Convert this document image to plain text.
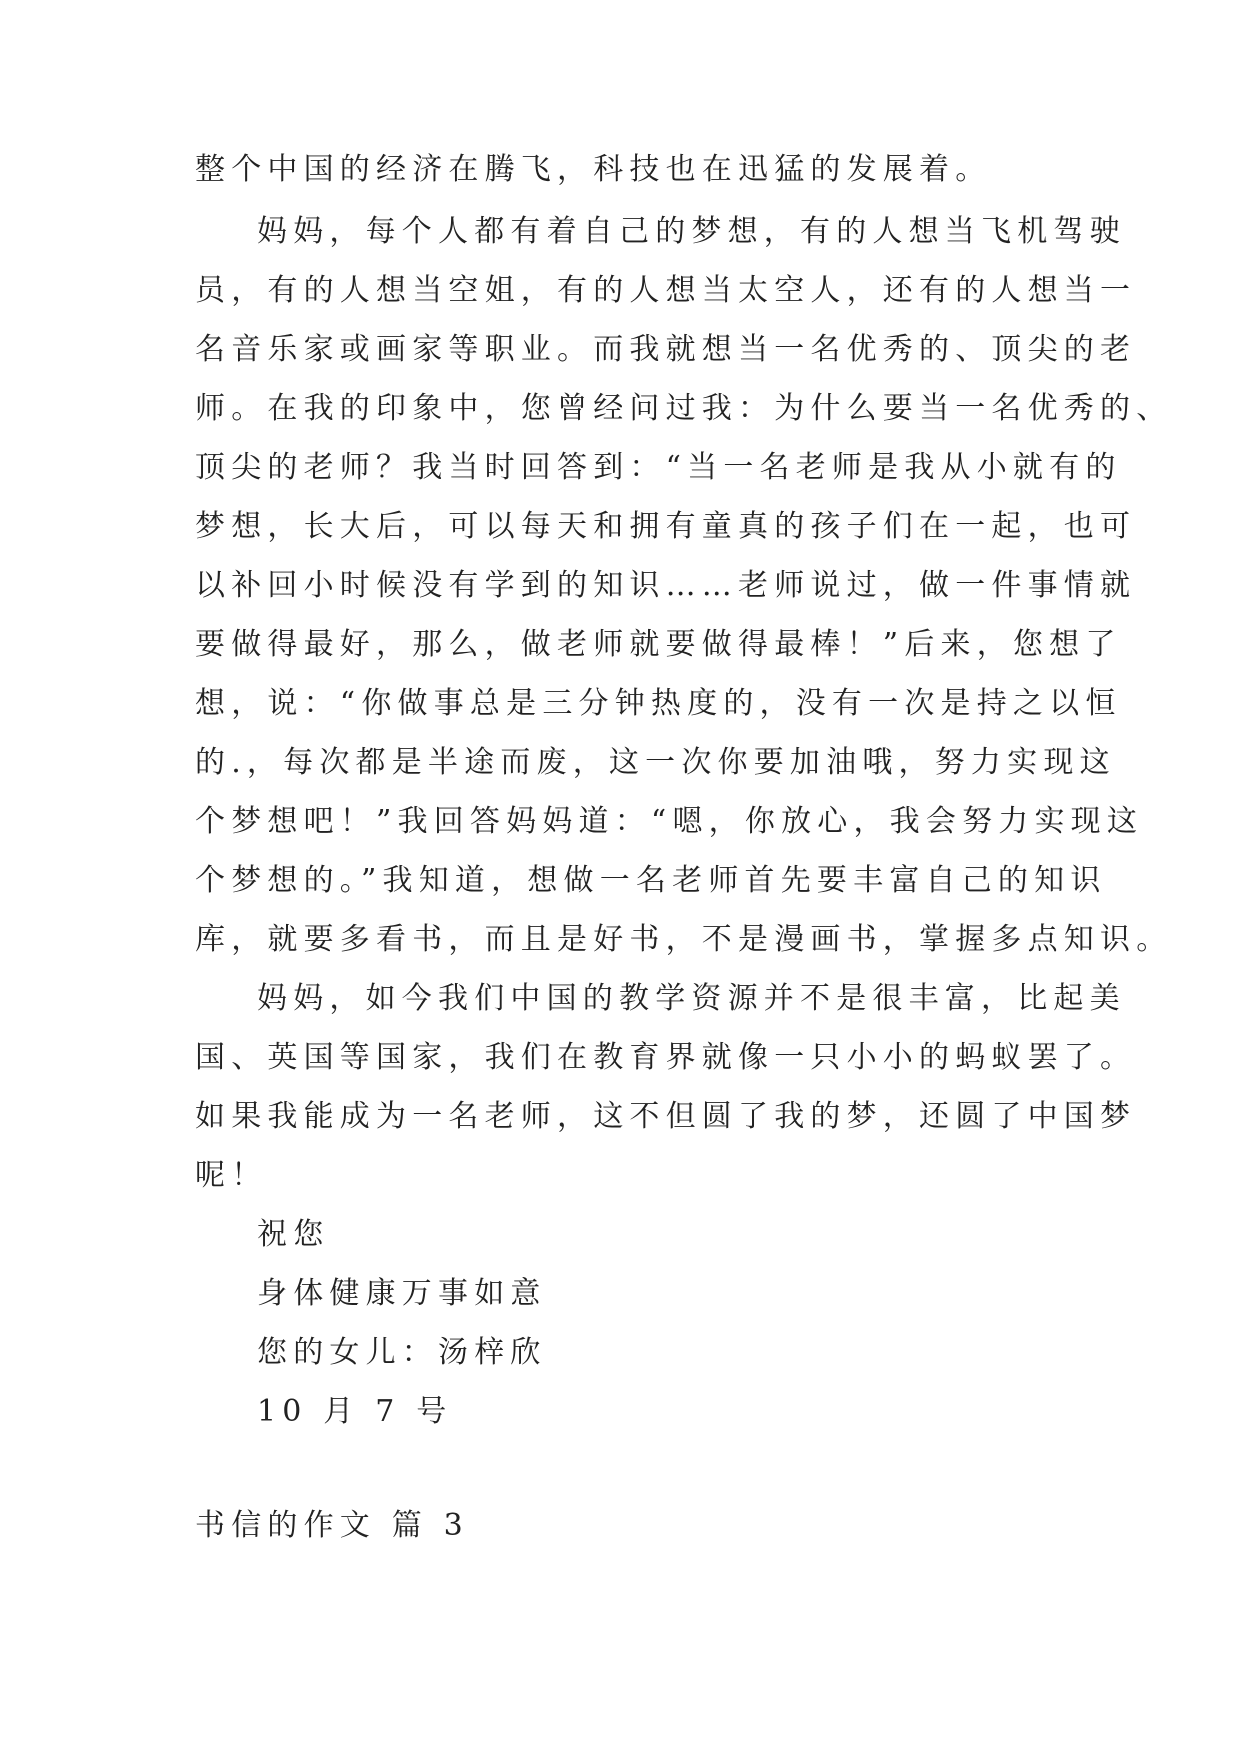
整个中国的经济在腾飞，科技也在迅猛的发展着。
妈妈，每个人都有着自己的梦想，有的人想当飞机驾驶
员，有的人想当空姐，有的人想当太空人，还有的人想当一
名音乐家或画家等职业。而我就想当一名优秀的、顶尖的老
师。在我的印象中，您曾经问过我：为什么要当一名优秀的、
顶尖的老师？我当时回答到：“当一名老师是我从小就有的
梦想，长大后，可以每天和拥有童真的孩子们在一起，也可
以补回小时候没有学到的知识……老师说过，做一件事情就
要做得最好，那么，做老师就要做得最棒！”后来，您想了
想，说：“你做事总是三分钟热度的，没有一次是持之以恒
的.，每次都是半途而废，这一次你要加油哦，努力实现这
个梦想吧！”我回答妈妈道：“嗯，你放心，我会努力实现这
个梦想的。”我知道，想做一名老师首先要丰富自己的知识
库，就要多看书，而且是好书，不是漫画书，掌握多点知识。
妈妈，如今我们中国的教学资源并不是很丰富，比起美
国、英国等国家，我们在教育界就像一只小小的蚂蚁罢了。
如果我能成为一名老师，这不但圆了我的梦，还圆了中国梦
呢！
祝您
身体健康万事如意
您的女儿：汤梓欣
10 月 7 号
书信的作文 篇 3
